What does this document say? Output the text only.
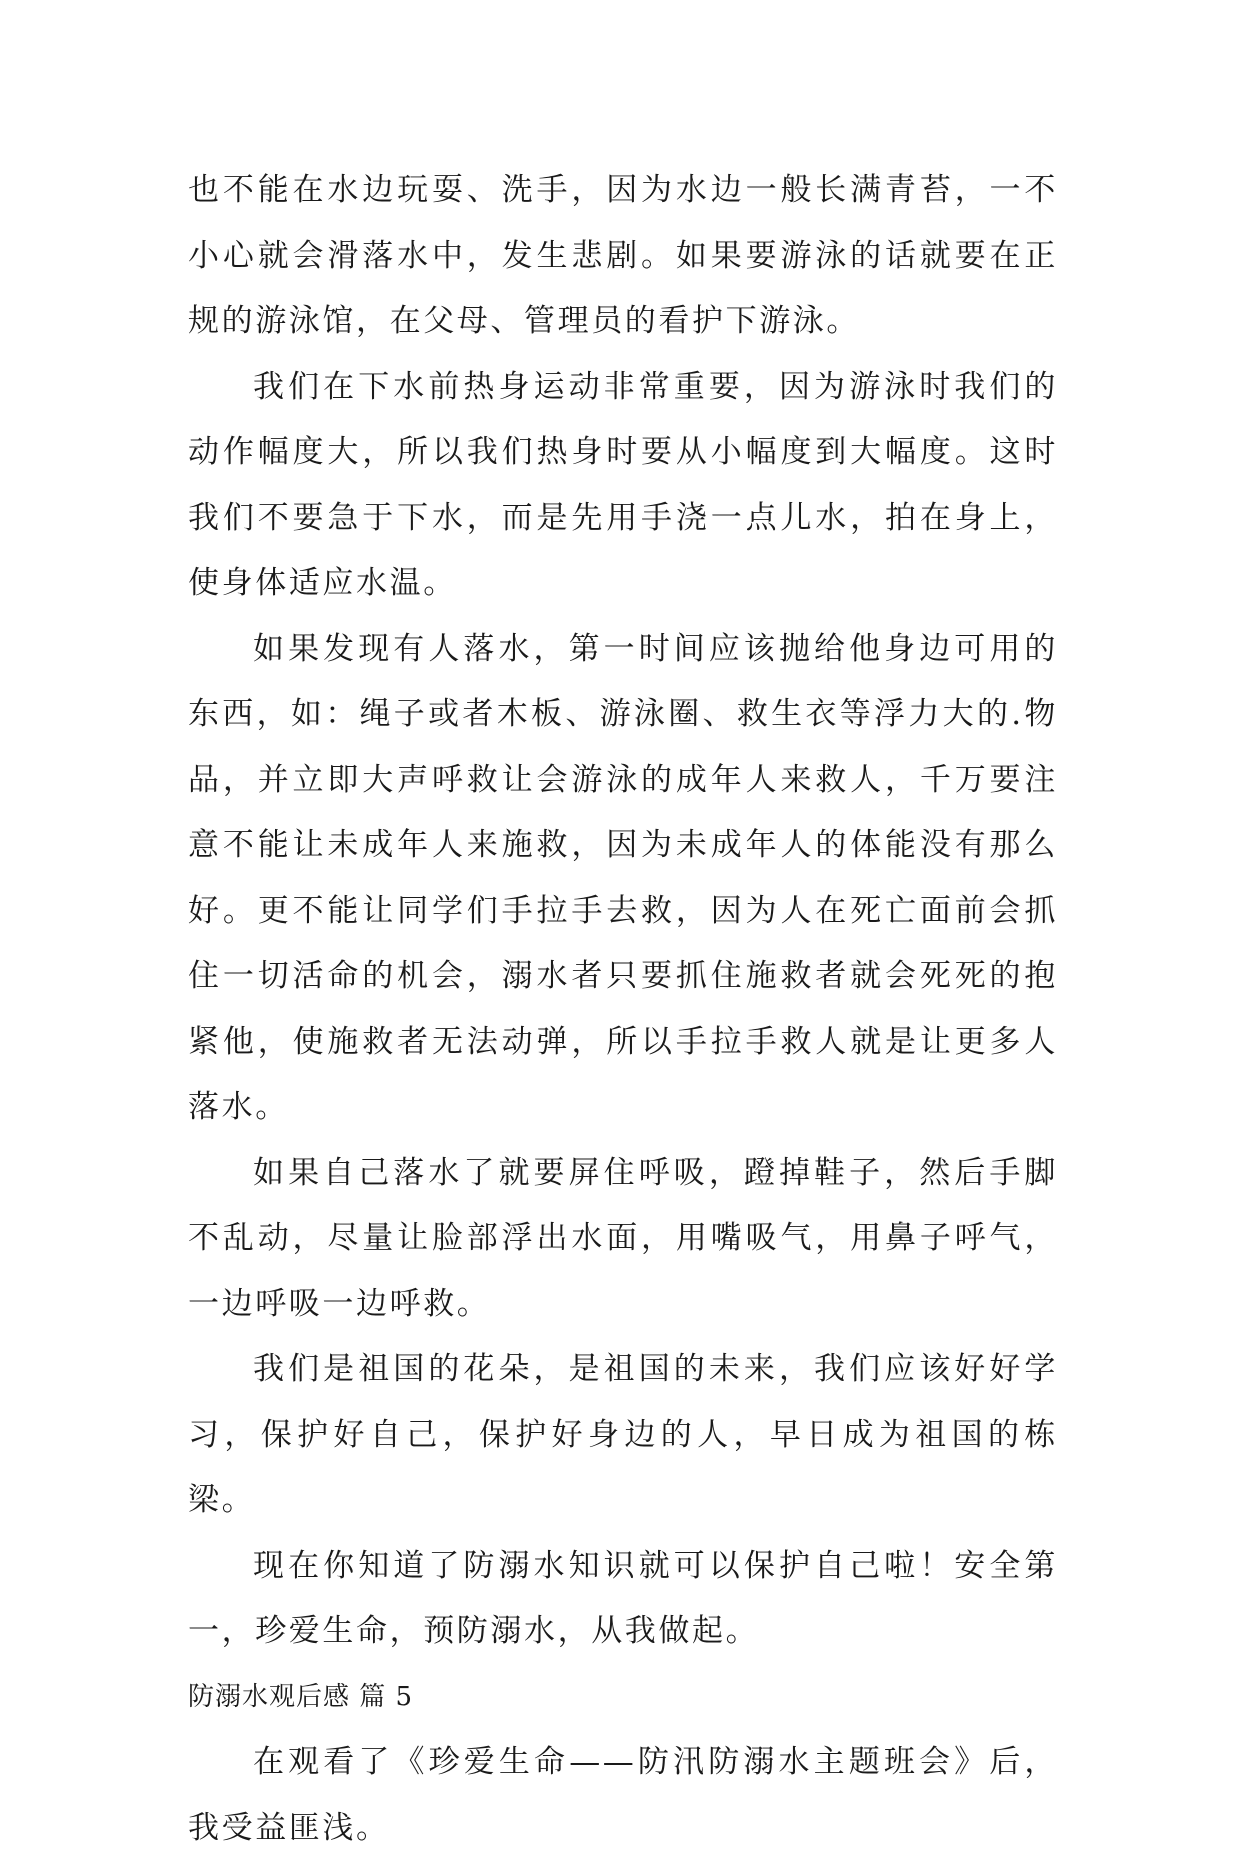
也不能在水边玩耍、洗手，因为水边一般长满青苔，一不小心就会滑落水中，发生悲剧。如果要游泳的话就要在正规的游泳馆，在父母、管理员的看护下游泳。

我们在下水前热身运动非常重要，因为游泳时我们的动作幅度大，所以我们热身时要从小幅度到大幅度。这时我们不要急于下水，而是先用手浇一点儿水，拍在身上，使身体适应水温。

如果发现有人落水，第一时间应该抛给他身边可用的东西，如：绳子或者木板、游泳圈、救生衣等浮力大的.物品，并立即大声呼救让会游泳的成年人来救人，千万要注意不能让未成年人来施救，因为未成年人的体能没有那么好。更不能让同学们手拉手去救，因为人在死亡面前会抓住一切活命的机会，溺水者只要抓住施救者就会死死的抱紧他，使施救者无法动弹，所以手拉手救人就是让更多人落水。

如果自己落水了就要屏住呼吸，蹬掉鞋子，然后手脚不乱动，尽量让脸部浮出水面，用嘴吸气，用鼻子呼气，一边呼吸一边呼救。

我们是祖国的花朵，是祖国的未来，我们应该好好学习，保护好自己，保护好身边的人，早日成为祖国的栋梁。

现在你知道了防溺水知识就可以保护自己啦！安全第一，珍爱生命，预防溺水，从我做起。

防溺水观后感 篇 5

在观看了《珍爱生命——防汛防溺水主题班会》后，我受益匪浅。
